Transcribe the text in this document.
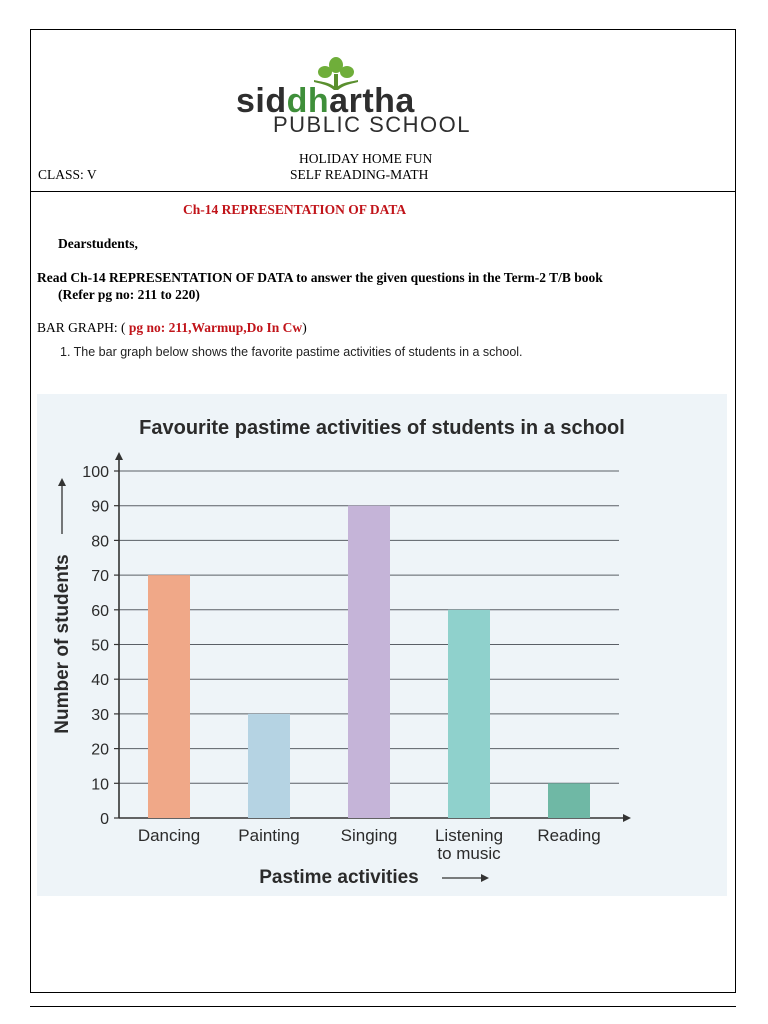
siddhartha
PUBLIC SCHOOL
HOLIDAY HOME FUN
CLASS: V	SELF READING-MATH
Ch-14 REPRESENTATION OF DATA
Dearstudents,
Read Ch-14 REPRESENTATION OF DATA to answer the given questions in the Term-2 T/B book
(Refer pg no: 211 to 220)
BAR GRAPH: ( pg no: 211,Warmup,Do In Cw)
1. The bar graph below shows the favorite pastime activities of students in a school.
Favourite pastime activities of students in a school
0
10
20
30
40
50
60
70
80
90
100
Dancing Painting Singing Listening
to music
Reading
Pastime activities
Number of students
